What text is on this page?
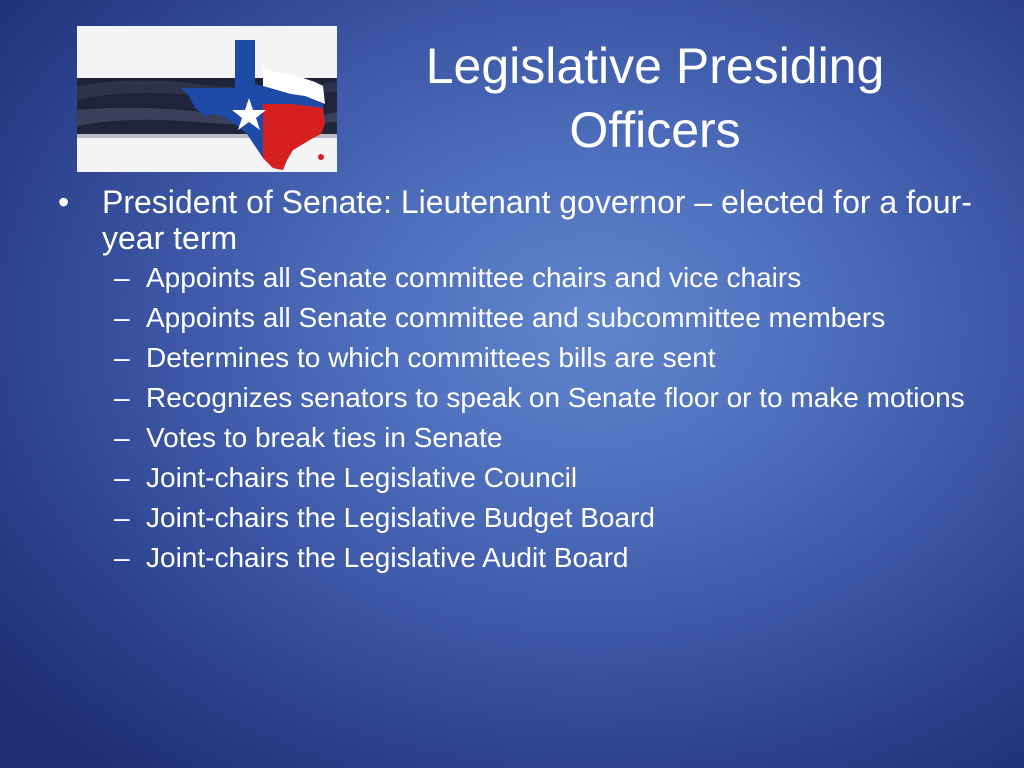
Legislative Presiding Officers
• President of Senate: Lieutenant governor – elected for a four-year term
– Appoints all Senate committee chairs and vice chairs
– Appoints all Senate committee and subcommittee members
– Determines to which committees bills are sent
– Recognizes senators to speak on Senate floor or to make motions
– Votes to break ties in Senate
– Joint-chairs the Legislative Council
– Joint-chairs the Legislative Budget Board
– Joint-chairs the Legislative Audit Board
